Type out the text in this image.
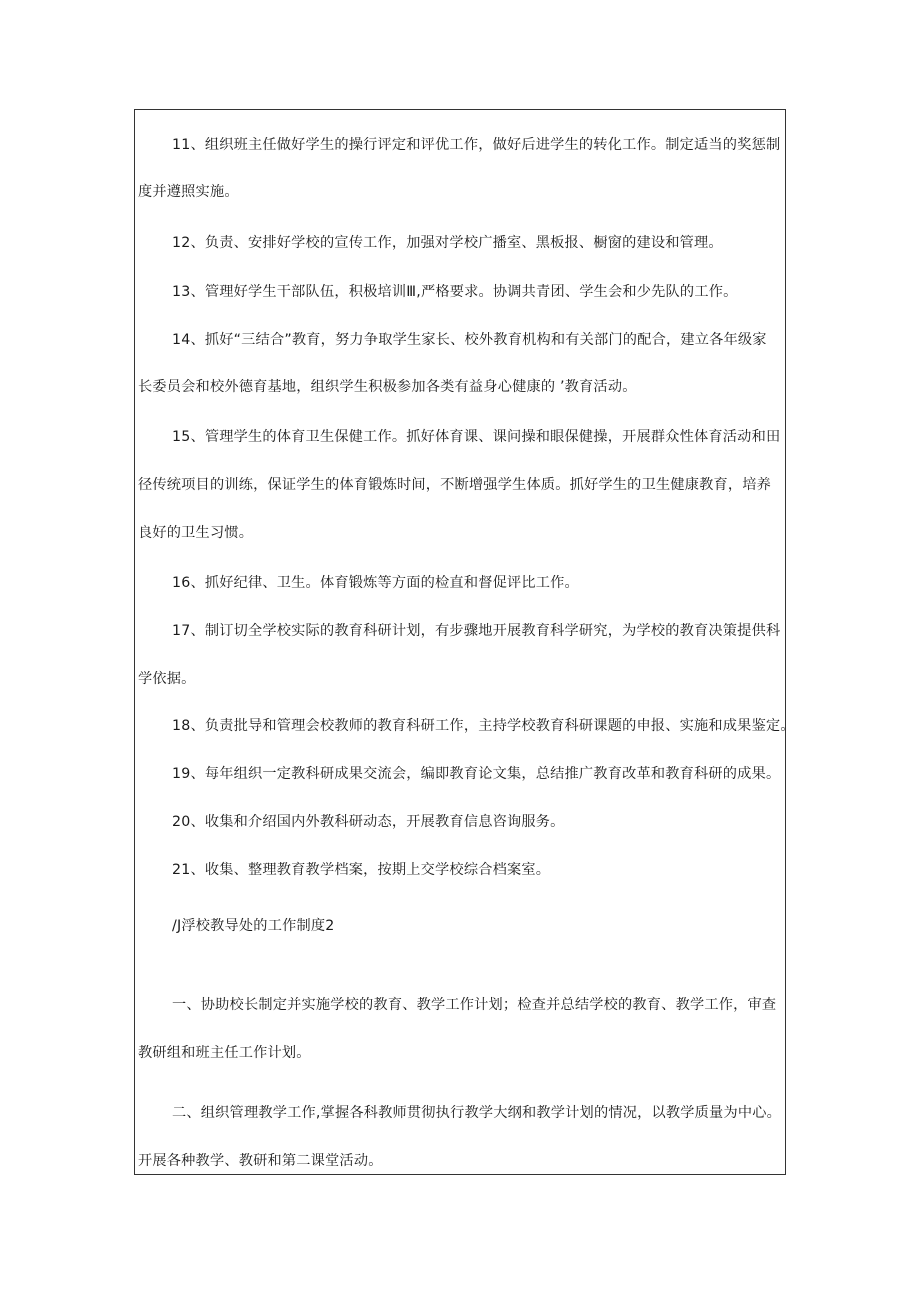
11、组织班主任做好学生的操行评定和评优工作，做好后进学生的转化工作。制定适当的奖惩制

度并遵照实施。

12、负责、安排好学校的宣传工作，加强对学校广播室、黑板报、橱窗的建设和管理。

13、管理好学生干部队伍，积极培训Ⅲ,严格要求。协调共青团、学生会和少先队的工作。

14、抓好“三结合”教育，努力争取学生家长、校外教育机构和有关部门的配合，建立各年级家

长委员会和校外德育基地，组织学生积极参加各类有益身心健康的 ’教育活动。

15、管理学生的体育卫生保健工作。抓好体育课、课问操和眼保健操，开展群众性体育活动和田

径传统项目的训练，保证学生的体育锻炼时间，不断增强学生体质。抓好学生的卫生健康教育，培养

良好的卫生习惯。

16、抓好纪律、卫生。体育锻炼等方面的检直和督促评比工作。

17、制订切全学校实际的教育科研计划，有步骤地开展教育科学研究，为学校的教育决策提供科

学依据。

18、负责批导和管理会校教师的教育科研工作，主持学校教育科研课题的申报、实施和成果鉴定。

19、每年组织一定教科研成果交流会，编即教育论文集，总结推广教育改革和教育科研的成果。

20、收集和介绍国内外教科研动态，开展教育信息咨询服务。

21、收集、整理教育教学档案，按期上交学校综合档案室。

/J浮校教导处的工作制度2

一、协助校长制定并实施学校的教育、教学工作计划；检查并总结学校的教育、教学工作，审查

教研组和班主任工作计划。

二、组织管理教学工作,掌握各科教师贯彻执行教学大纲和教学计划的情况，以教学质量为中心。

开展各种教学、教研和第二课堂活动。
